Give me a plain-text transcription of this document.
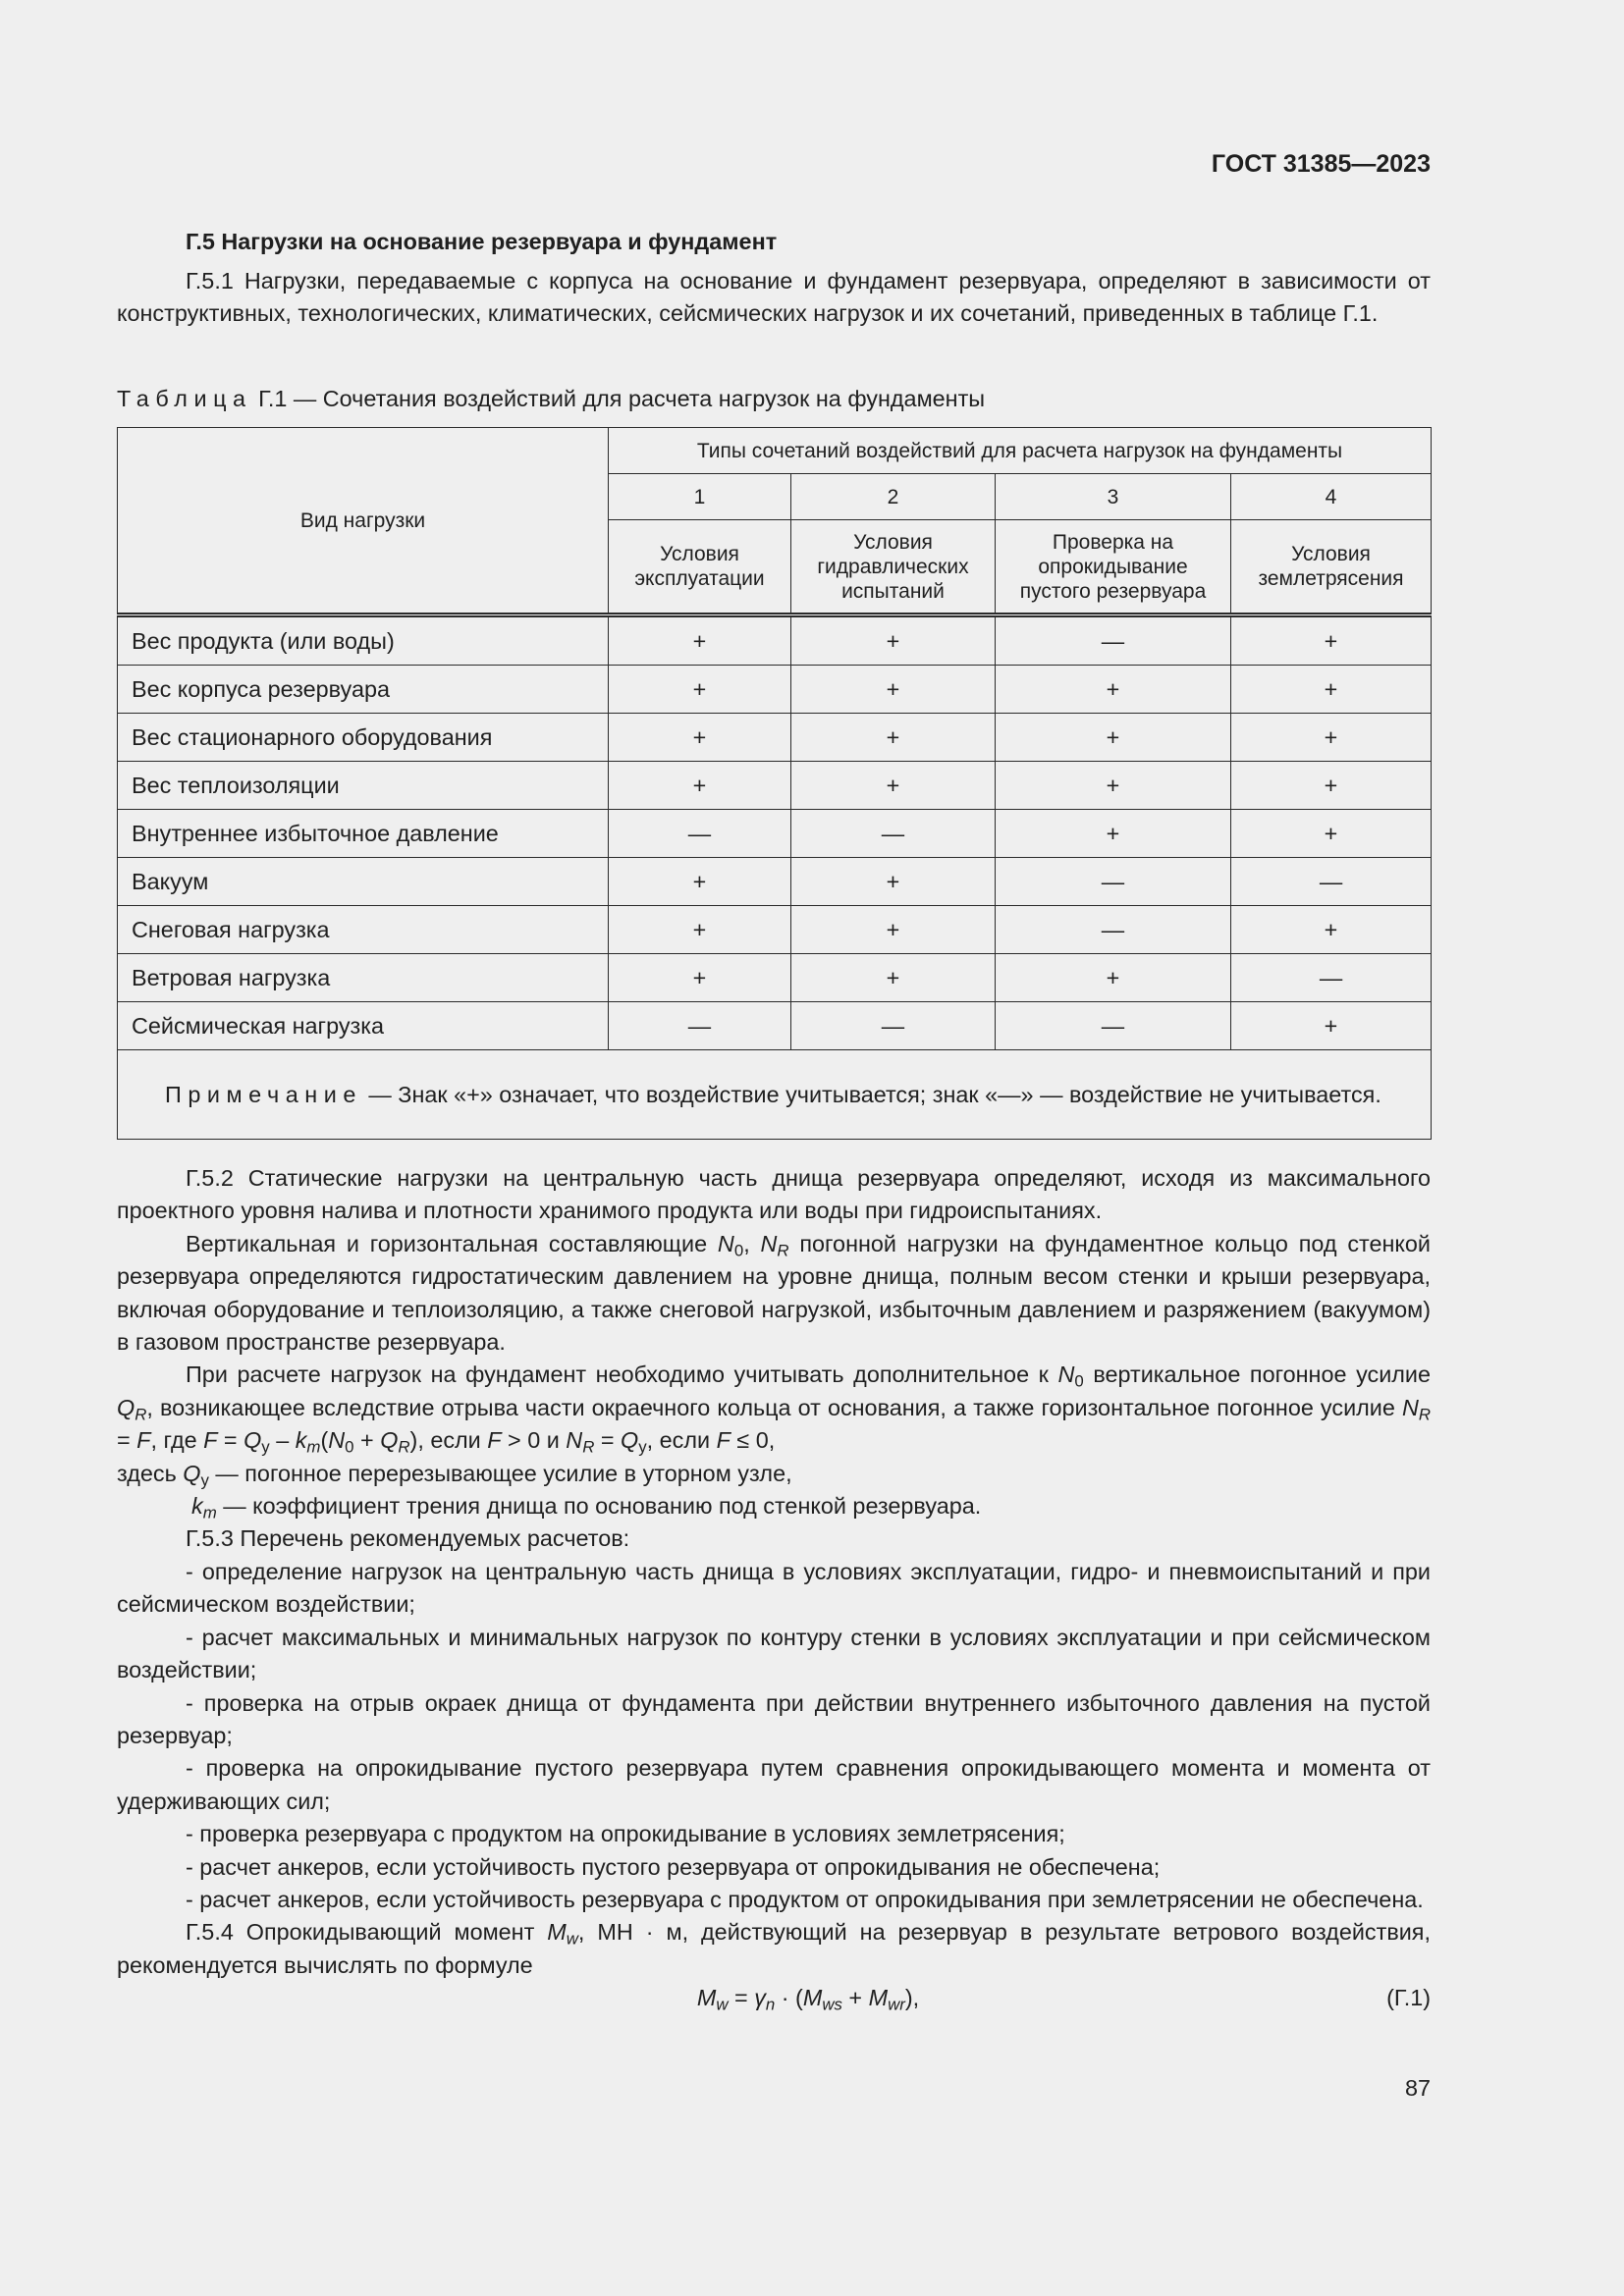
ГОСТ 31385—2023

Г.5 Нагрузки на основание резервуара и фундамент

Г.5.1 Нагрузки, передаваемые с корпуса на основание и фундамент резервуара, определяют в зависимости от конструктивных, технологических, климатических, сейсмических нагрузок и их сочетаний, приведенных в таблице Г.1.

Таблица Г.1 — Сочетания воздействий для расчета нагрузок на фундаменты

Вид нагрузки	Типы сочетаний воздействий для расчета нагрузок на фундаменты			
	1	2	3	4
	Условия эксплуатации	Условия гидравлических испытаний	Проверка на опрокидывание пустого резервуара	Условия землетрясения
Вес продукта (или воды)	+	+	—	+
Вес корпуса резервуара	+	+	+	+
Вес стационарного оборудования	+	+	+	+
Вес теплоизоляции	+	+	+	+
Внутреннее избыточное давление	—	—	+	+
Вакуум	+	+	—	—
Снеговая нагрузка	+	+	—	+
Ветровая нагрузка	+	+	+	—
Сейсмическая нагрузка	—	—	—	+
Примечание — Знак «+» означает, что воздействие учитывается; знак «—» — воздействие не учитывается.				

Г.5.2 Статические нагрузки на центральную часть днища резервуара определяют, исходя из максимального проектного уровня налива и плотности хранимого продукта или воды при гидроиспытаниях.

Вертикальная и горизонтальная составляющие $N_0$, $N_R$ погонной нагрузки на фундаментное кольцо под стенкой резервуара определяются гидростатическим давлением на уровне днища, полным весом стенки и крыши резервуара, включая оборудование и теплоизоляцию, а также снеговой нагрузкой, избыточным давлением и разряжением (вакуумом) в газовом пространстве резервуара.

При расчете нагрузок на фундамент необходимо учитывать дополнительное к $N_0$ вертикальное погонное усилие $Q_R$, возникающее вследствие отрыва части окраечного кольца от основания, а также горизонтальное погонное усилие $N_R = F$, где $F = Q_y - k_m(N_0 + Q_R)$, если F > 0 и $N_R = Q_y$, если F ≤ 0,

здесь $Q_y$ — погонное перерезывающее усилие в уторном узле,

$k_m$ — коэффициент трения днища по основанию под стенкой резервуара.

Г.5.3 Перечень рекомендуемых расчетов:

- определение нагрузок на центральную часть днища в условиях эксплуатации, гидро- и пневмоиспытаний и при сейсмическом воздействии;

- расчет максимальных и минимальных нагрузок по контуру стенки в условиях эксплуатации и при сейсмическом воздействии;

- проверка на отрыв окраек днища от фундамента при действии внутреннего избыточного давления на пустой резервуар;

- проверка на опрокидывание пустого резервуара путем сравнения опрокидывающего момента и момента от удерживающих сил;

- проверка резервуара с продуктом на опрокидывание в условиях землетрясения;

- расчет анкеров, если устойчивость пустого резервуара от опрокидывания не обеспечена;

- расчет анкеров, если устойчивость резервуара с продуктом от опрокидывания при землетрясении не обеспечена.

Г.5.4 Опрокидывающий момент $M_w$, МН · м, действующий на резервуар в результате ветрового воздействия, рекомендуется вычислять по формуле

$M_w = \gamma_n \cdot (M_{ws} + M_{wr})$,	(Г.1)

87
